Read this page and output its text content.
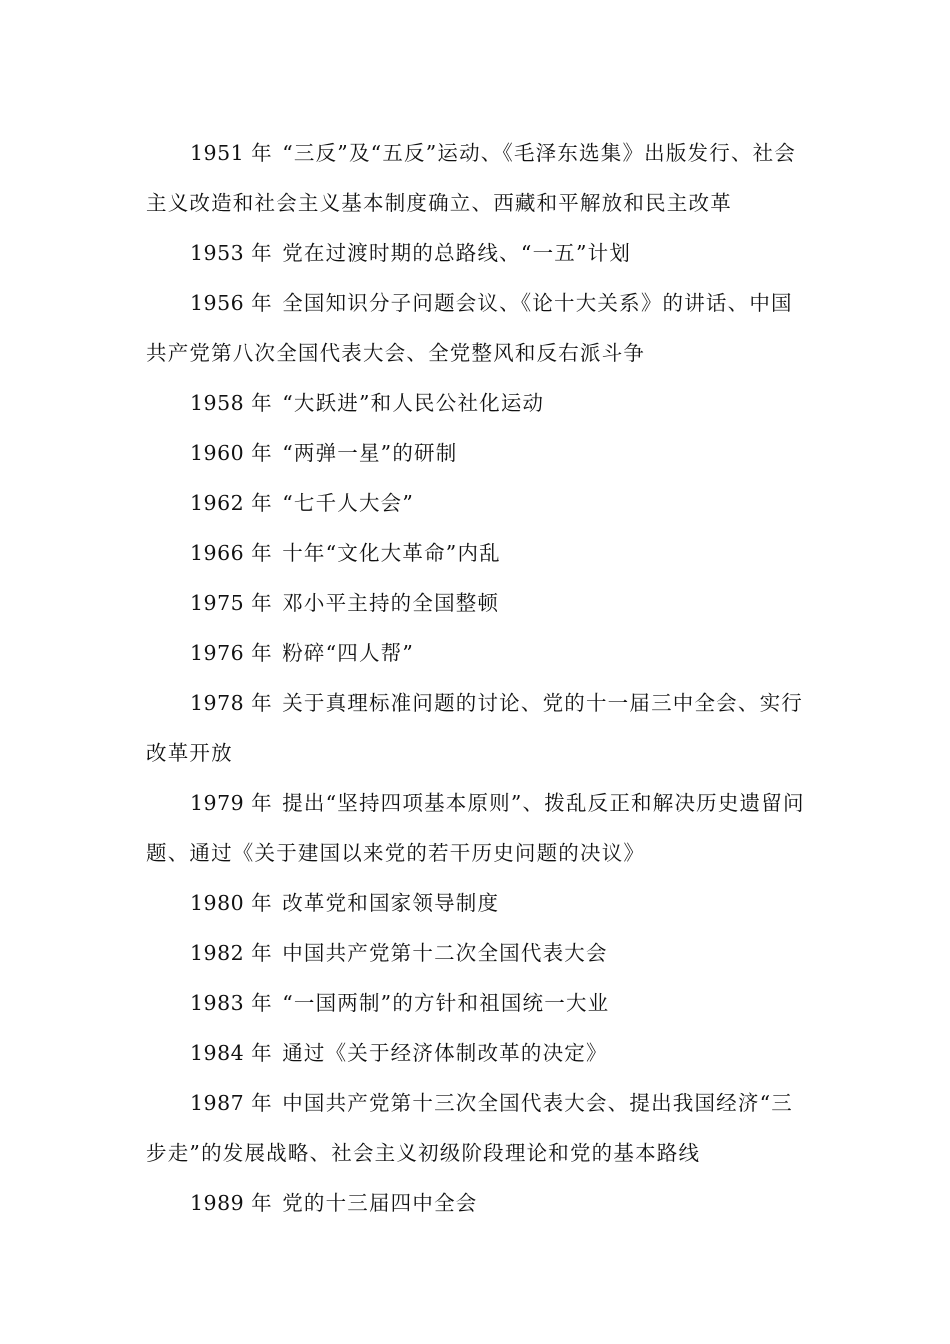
1951 年 “三反”及“五反”运动、《毛泽东选集》出版发行、社会主义改造和社会主义基本制度确立、西藏和平解放和民主改革

1953 年 党在过渡时期的总路线、“一五”计划

1956 年 全国知识分子问题会议、《论十大关系》的讲话、中国共产党第八次全国代表大会、全党整风和反右派斗争

1958 年 “大跃进”和人民公社化运动

1960 年 “两弹一星”的研制

1962 年 “七千人大会”

1966 年 十年“文化大革命”内乱

1975 年 邓小平主持的全国整顿

1976 年 粉碎“四人帮”

1978 年 关于真理标准问题的讨论、党的十一届三中全会、实行改革开放

1979 年 提出“坚持四项基本原则”、拨乱反正和解决历史遗留问题、通过《关于建国以来党的若干历史问题的决议》

1980 年 改革党和国家领导制度

1982 年 中国共产党第十二次全国代表大会

1983 年 “一国两制”的方针和祖国统一大业

1984 年 通过《关于经济体制改革的决定》

1987 年 中国共产党第十三次全国代表大会、提出我国经济“三步走”的发展战略、社会主义初级阶段理论和党的基本路线

1989 年 党的十三届四中全会
